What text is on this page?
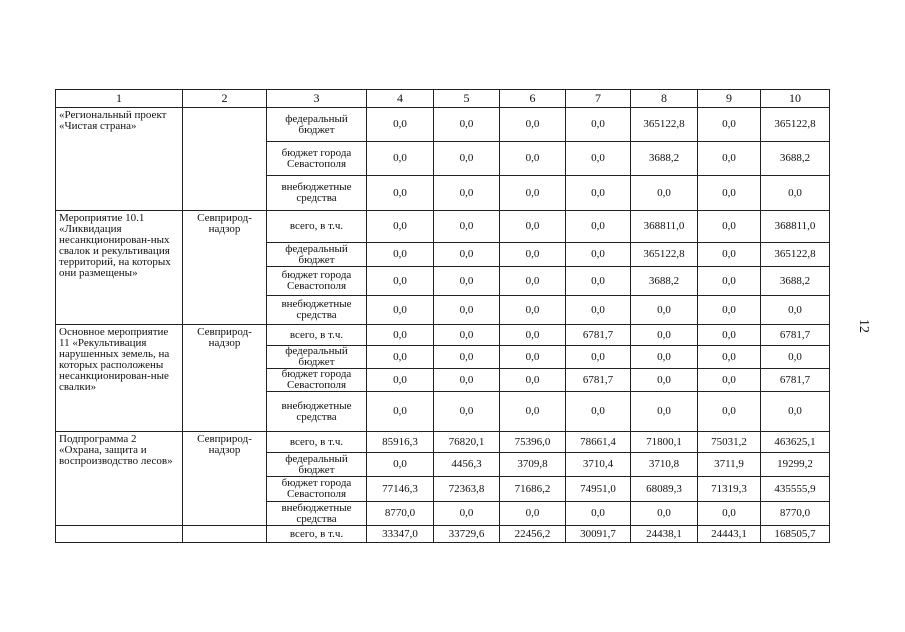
1	2	3	4	5	6	7	8	9	10
«Региональный проект «Чистая страна»		федеральный бюджет	0,0	0,0	0,0	0,0	365122,8	0,0	365122,8
		бюджет города Севастополя	0,0	0,0	0,0	0,0	3688,2	0,0	3688,2
		внебюджетные средства	0,0	0,0	0,0	0,0	0,0	0,0	0,0
Мероприятие 10.1 «Ликвидация несанкционирован-ных свалок и рекультивация территорий, на которых они размещены»	Севприрод-надзор	всего, в т.ч.	0,0	0,0	0,0	0,0	368811,0	0,0	368811,0
		федеральный бюджет	0,0	0,0	0,0	0,0	365122,8	0,0	365122,8
		бюджет города Севастополя	0,0	0,0	0,0	0,0	3688,2	0,0	3688,2
		внебюджетные средства	0,0	0,0	0,0	0,0	0,0	0,0	0,0
Основное мероприятие 11 «Рекультивация нарушенных земель, на которых расположены несанкционирован-ные свалки»	Севприрод-надзор	всего, в т.ч.	0,0	0,0	0,0	6781,7	0,0	0,0	6781,7
		федеральный бюджет	0,0	0,0	0,0	0,0	0,0	0,0	0,0
		бюджет города Севастополя	0,0	0,0	0,0	6781,7	0,0	0,0	6781,7
		внебюджетные средства	0,0	0,0	0,0	0,0	0,0	0,0	0,0
Подпрограмма 2 «Охрана, защита и воспроизводство лесов»	Севприрод-надзор	всего, в т.ч.	85916,3	76820,1	75396,0	78661,4	71800,1	75031,2	463625,1
		федеральный бюджет	0,0	4456,3	3709,8	3710,4	3710,8	3711,9	19299,2
		бюджет города Севастополя	77146,3	72363,8	71686,2	74951,0	68089,3	71319,3	435555,9
		внебюджетные средства	8770,0	0,0	0,0	0,0	0,0	0,0	8770,0
		всего, в т.ч.	33347,0	33729,6	22456,2	30091,7	24438,1	24443,1	168505,7
12
